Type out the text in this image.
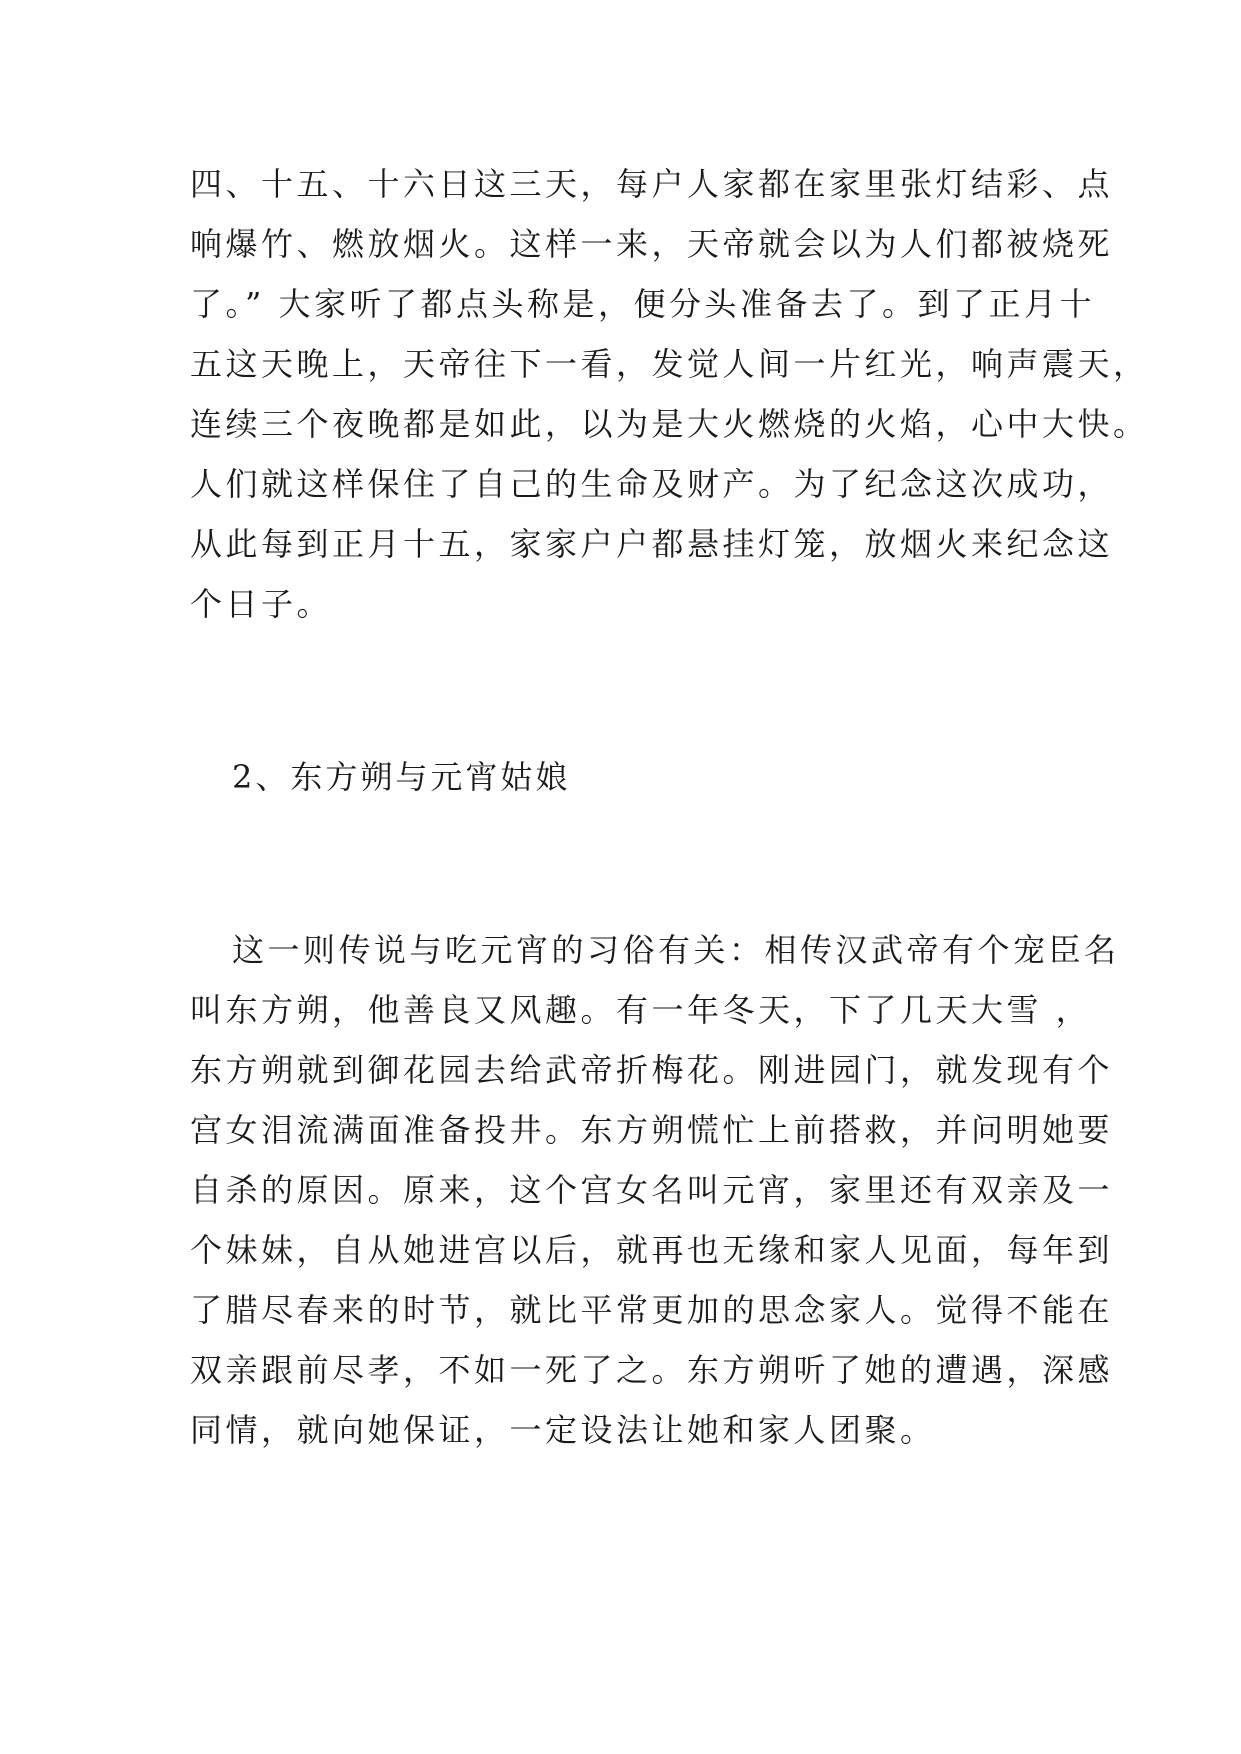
四、十五、十六日这三天，每户人家都在家里张灯结彩、点
响爆竹、燃放烟火。这样一来，天帝就会以为人们都被烧死
了。” 大家听了都点头称是，便分头准备去了。到了正月十
五这天晚上，天帝往下一看，发觉人间一片红光，响声震天，
连续三个夜晚都是如此，以为是大火燃烧的火焰，心中大快。
人们就这样保住了自己的生命及财产。为了纪念这次成功，
从此每到正月十五，家家户户都悬挂灯笼，放烟火来纪念这
个日子。
2、东方朔与元宵姑娘
这一则传说与吃元宵的习俗有关：相传汉武帝有个宠臣名
叫东方朔，他善良又风趣。有一年冬天，下了几天大雪 ，
东方朔就到御花园去给武帝折梅花。刚进园门，就发现有个
宫女泪流满面准备投井。东方朔慌忙上前搭救，并问明她要
自杀的原因。原来，这个宫女名叫元宵，家里还有双亲及一
个妹妹，自从她进宫以后，就再也无缘和家人见面，每年到
了腊尽春来的时节，就比平常更加的思念家人。觉得不能在
双亲跟前尽孝，不如一死了之。东方朔听了她的遭遇，深感
同情，就向她保证，一定设法让她和家人团聚。
